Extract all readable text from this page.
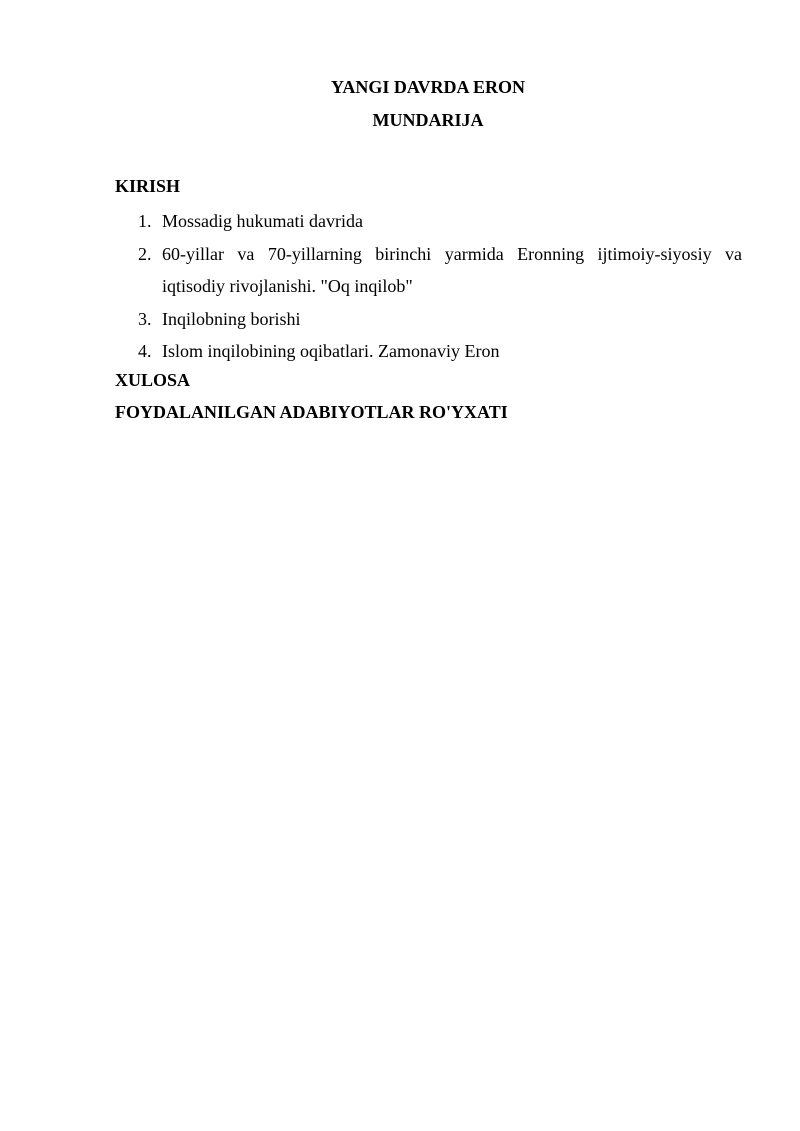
YANGI DAVRDA ERON

MUNDARIJA

KIRISH

1. Mossadig hukumati davrida
2. 60-yillar va 70-yillarning birinchi yarmida Eronning ijtimoiy-siyosiy va iqtisodiy rivojlanishi. "Oq inqilob"
3. Inqilobning borishi
4. Islom inqilobining oqibatlari. Zamonaviy Eron

XULOSA

FOYDALANILGAN ADABIYOTLAR RO'YXATI
